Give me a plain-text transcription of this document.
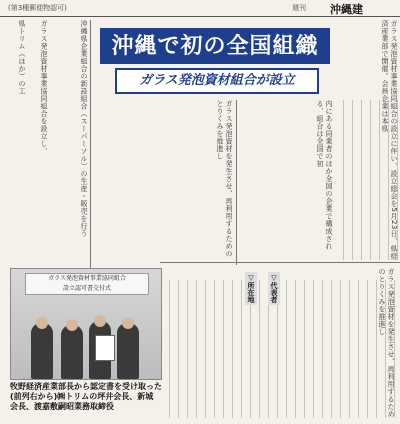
(第3種郵便物認可)	週刊 沖縄建
沖縄で初の全国組織
ガラス発泡資材組合が設立	ガラス発泡資材事業協同組合の設立に伴い、設立総会を5月23日、県経済産業部で開催。会員企業は本県
内にある同業者のほか全国の企業で構成される、組合は全国で初
ガラス発泡資材を発生させ、再利用するためのとりくみを推進し
沖縄県企業組合の新設組合（スーパーソル）の生産・販売を行う
ガラス発泡資材事業協同組合を設立し、
県トリム（ほか）の工
ガラス発泡資材を発生させ、再利用するためのとりくみを推進し
▽代表者
▽所在地
ガラス発泡資材事業協同組合
設立認可書交付式
牧野経済産業部長から認定書を受け取った
(前列右から)㈱トリムの坪井会長、新城
会長、渡嘉敷嗣昭業務取締役
